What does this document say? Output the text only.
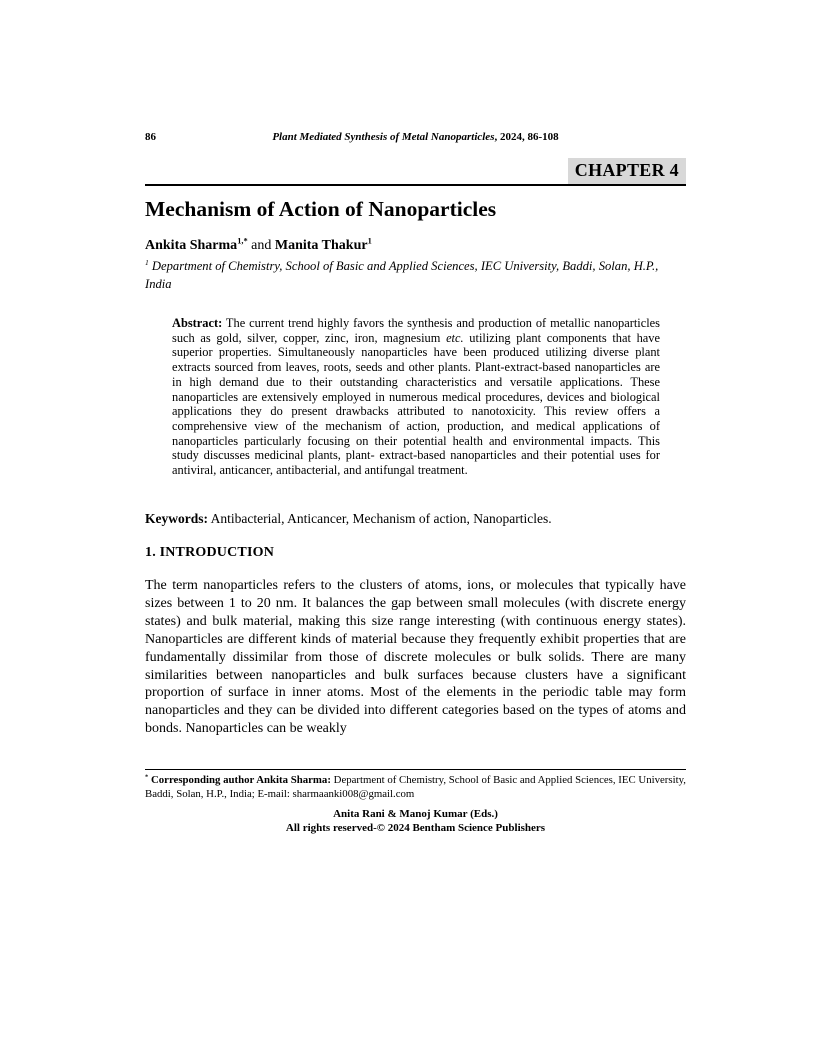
86	Plant Mediated Synthesis of Metal Nanoparticles, 2024, 86-108
CHAPTER 4
Mechanism of Action of Nanoparticles
Ankita Sharma$^{1,*}$ and Manita Thakur$^1$
$^1$ Department of Chemistry, School of Basic and Applied Sciences, IEC University, Baddi, Solan, H.P., India
Abstract: The current trend highly favors the synthesis and production of metallic nanoparticles such as gold, silver, copper, zinc, iron, magnesium etc. utilizing plant components that have superior properties. Simultaneously nanoparticles have been produced utilizing diverse plant extracts sourced from leaves, roots, seeds and other plants. Plant-extract-based nanoparticles are in high demand due to their outstanding characteristics and versatile applications. These nanoparticles are extensively employed in numerous medical procedures, devices and biological applications they do present drawbacks attributed to nanotoxicity. This review offers a comprehensive view of the mechanism of action, production, and medical applications of nanoparticles particularly focusing on their potential health and environmental impacts. This study discusses medicinal plants, plant- extract-based nanoparticles and their potential uses for antiviral, anticancer, antibacterial, and antifungal treatment.
Keywords: Antibacterial, Anticancer, Mechanism of action, Nanoparticles.
1. INTRODUCTION
The term nanoparticles refers to the clusters of atoms, ions, or molecules that typically have sizes between 1 to 20 nm. It balances the gap between small molecules (with discrete energy states) and bulk material, making this size range interesting (with continuous energy states). Nanoparticles are different kinds of material because they frequently exhibit properties that are fundamentally dissimilar from those of discrete molecules or bulk solids. There are many similarities between nanoparticles and bulk surfaces because clusters have a significant proportion of surface in inner atoms. Most of the elements in the periodic table may form nanoparticles and they can be divided into different categories based on the types of atoms and bonds. Nanoparticles can be weakly
* Corresponding author Ankita Sharma: Department of Chemistry, School of Basic and Applied Sciences, IEC University, Baddi, Solan, H.P., India; E-mail: sharmaanki008@gmail.com
Anita Rani & Manoj Kumar (Eds.)
All rights reserved-© 2024 Bentham Science Publishers
